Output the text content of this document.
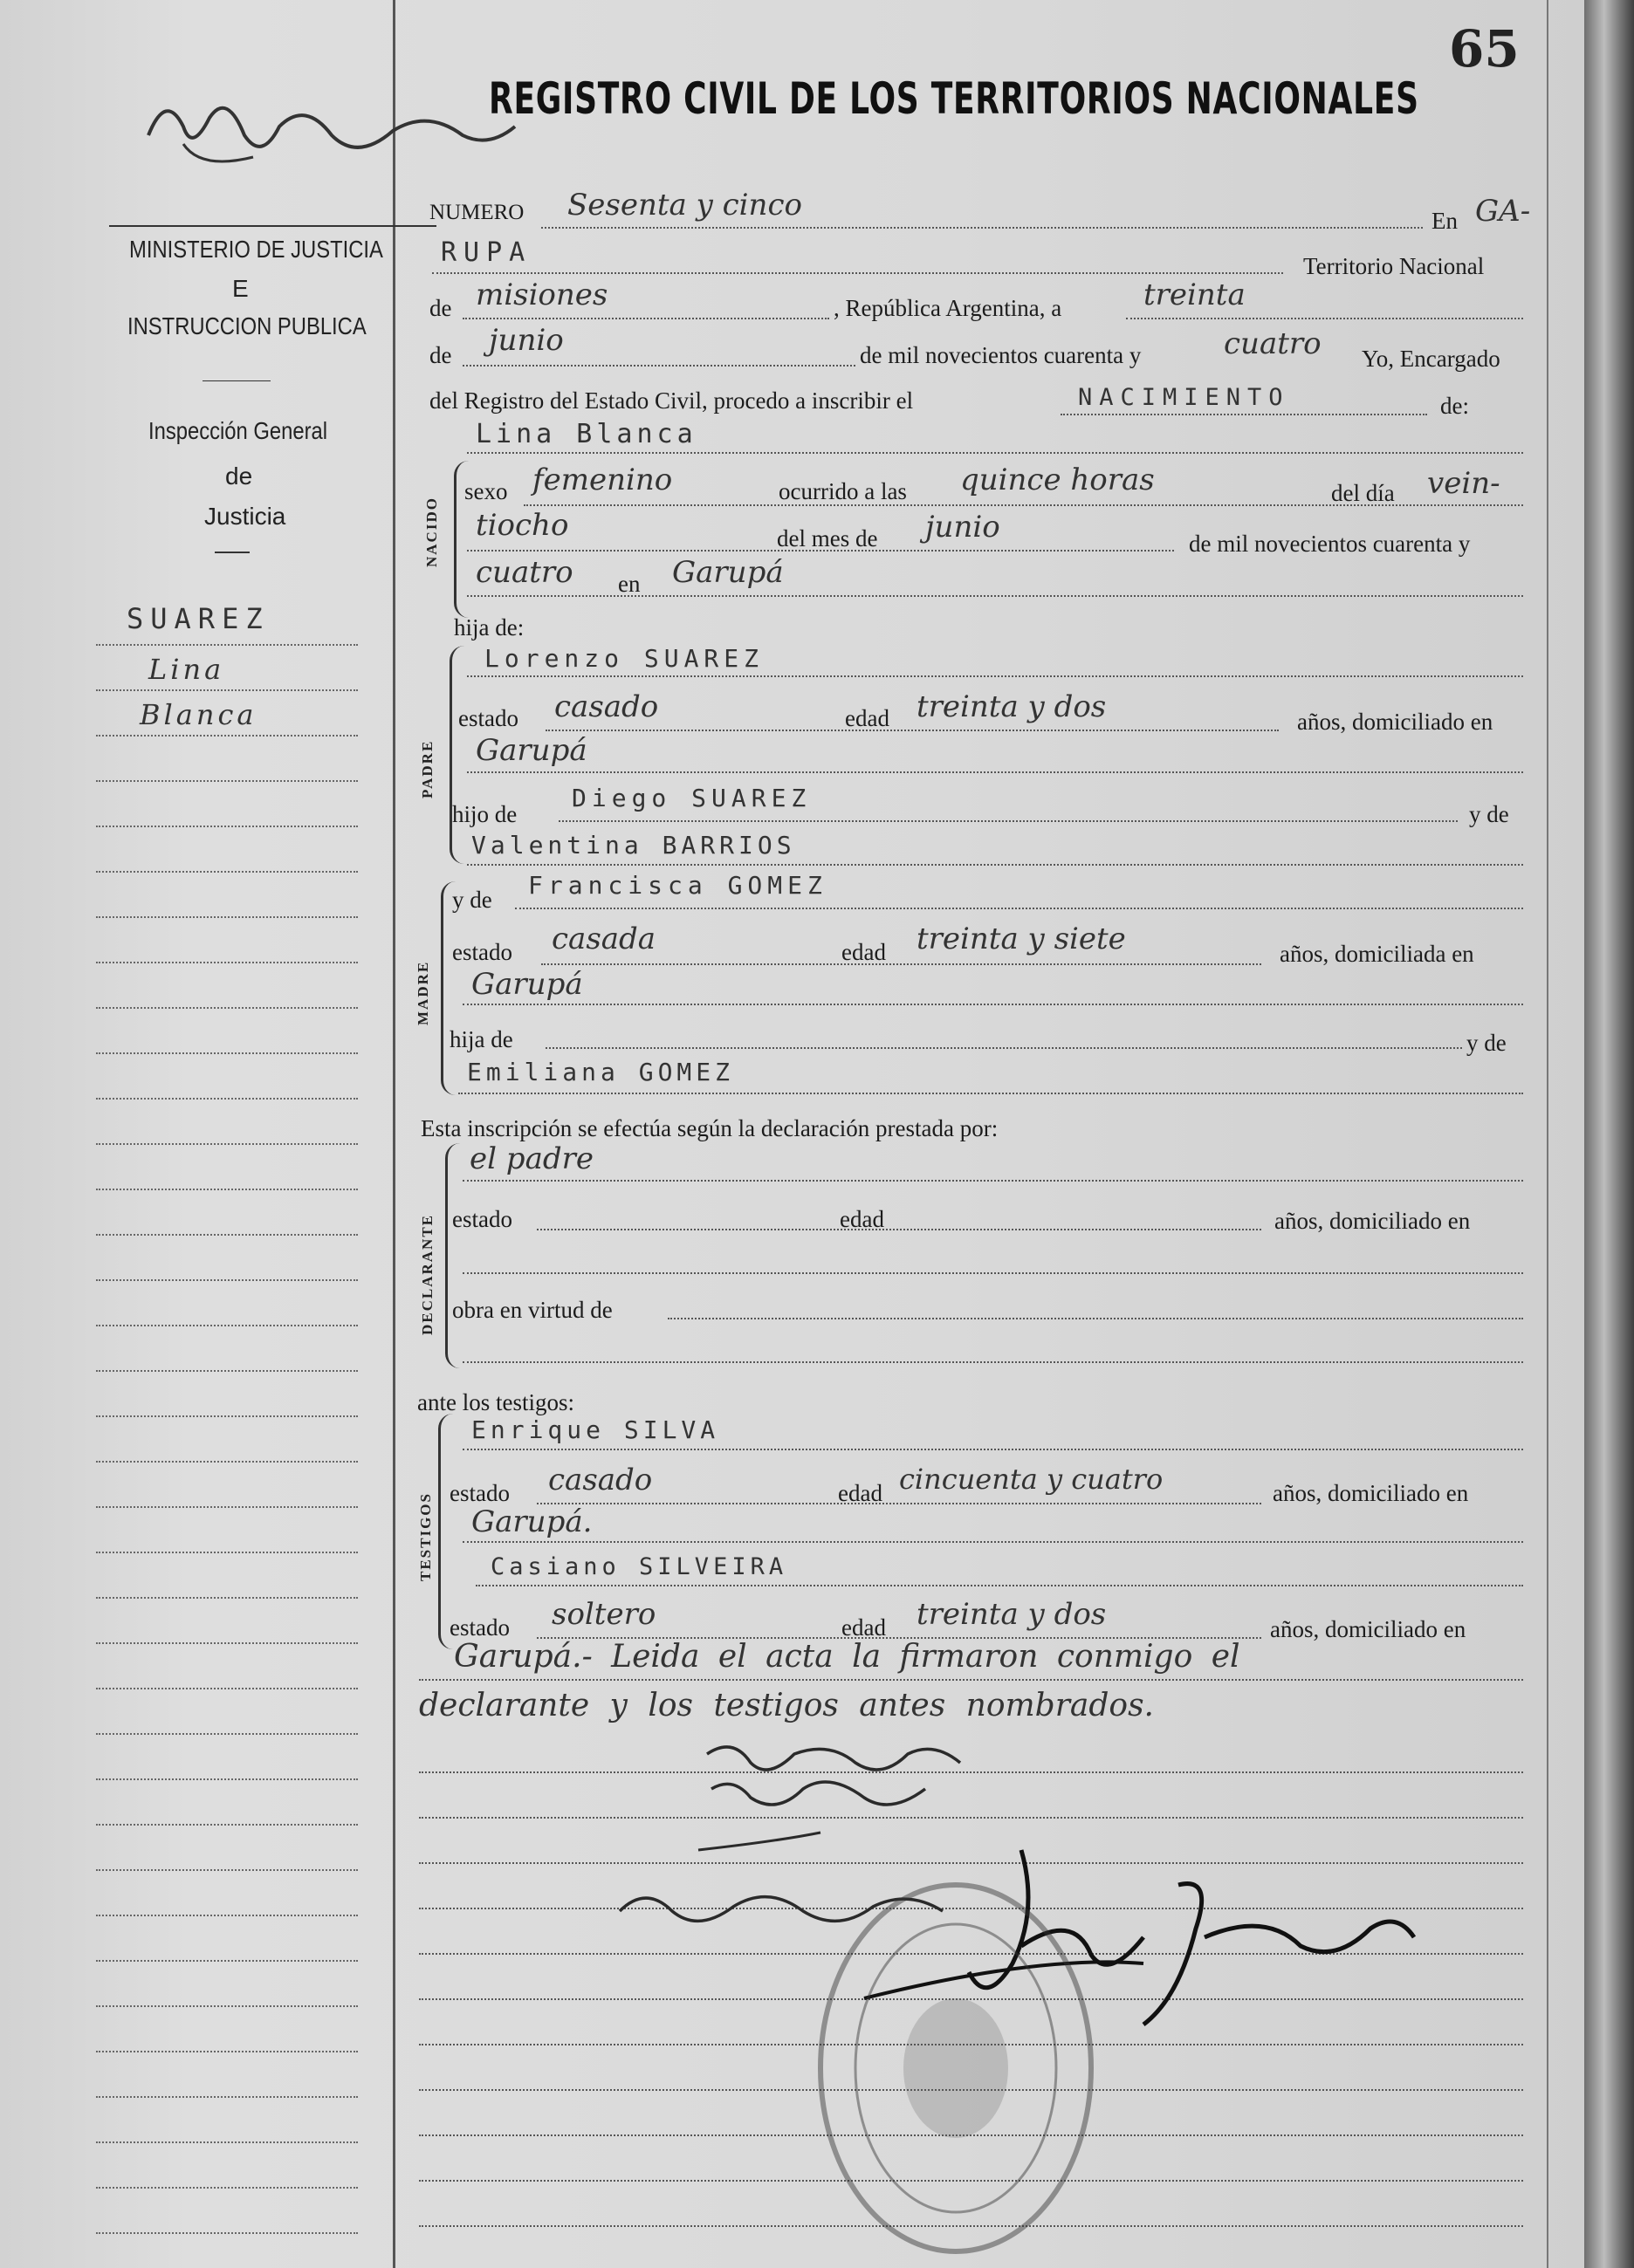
65
REGISTRO CIVIL DE LOS TERRITORIOS NACIONALES
MINISTERIO DE JUSTICIA
E
INSTRUCCION PUBLICA
Inspección General
de
Justicia
SUAREZ
Lina
Blanca
NUMERO Sesenta y cinco	En GA-
RUPA	Territorio Nacional
de misiones	, República Argentina, a	treinta
de junio	de mil novecientos cuarenta y	cuatro Yo, Encargado
del Registro del Estado Civil, procedo a inscribir el	NACIMIENTO	de:
Lina Blanca
NACIDO
sexo femenino	ocurrido a las quince horas	del día vein-
tiocho	del mes de junio	de mil novecientos cuarenta y
cuatro en Garupá
hija de:
PADRE
Lorenzo SUAREZ
estado casado	edad treinta y dos	años, domiciliado en
Garupá
hijo de
Diego SUAREZ
y de
Valentina BARRIOS
MADRE
y de Francisca GOMEZ
estado casada	edad treinta y siete	años, domiciliada en
Garupá
hija de	y de
Emiliana GOMEZ
Esta inscripción se efectúa según la declaración prestada por:
DECLARANTE
el padre
estado	edad	años, domiciliado en
obra en virtud de
ante los testigos:
TESTIGOS
Enrique SILVA
estado casado	edad cincuenta y cuatro	años, domiciliado en
Garupá.
Casiano SILVEIRA
estado soltero	edad treinta y dos	años, domiciliado en
Garupá.- Leida el acta la firmaron conmigo el
declarante y los testigos antes nombrados.
